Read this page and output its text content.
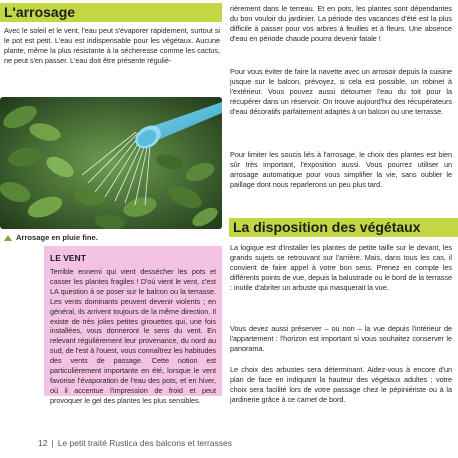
L'arrosage

Avec le soleil et le vent, l'eau peut s'évaporer rapidement, surtout si le pot est petit. L'eau est indispensable pour les végétaux. Aucune plante, même la plus résistante à la sécheresse comme les cactus, ne peut s'en passer. L'eau doit être présente réguliè-

Arrosage en pluie fine.

LE VENT

Terrible ennemi qui vient dessécher les pots et casser les plantes fragiles ! D'où vient le vent, c'est LA question à se poser sur le balcon ou la terrasse. Les vents dominants peuvent devenir violents ; en général, ils arrivent toujours de la même direction. Il existe de très jolies petites girouettes qui, une fois installées, vous donneront le sens du vent. En relevant régulièrement leur provenance, du nord au sud, de l'est à l'ouest, vous connaîtrez les habitudes des vents de passage. Cette notion est particulièrement importante en été, lorsque le vent favorise l'évaporation de l'eau des pots, et en hiver, où il accentue l'impression de froid et peut provoquer le gel des plantes les plus sensibles.

rièrement dans le terreau. Et en pots, les plantes sont dépendantes du bon vouloir du jardinier. La période des vacances d'été est la plus difficile à passer pour vos arbres à feuilles et à fleurs. Une absence d'eau en période chaude pourra devenir fatale !

Pour vous éviter de faire la navette avec un arrosoir depuis la cuisine jusque sur le balcon, prévoyez, si cela est possible, un robinet à l'extérieur. Vous pouvez aussi détourner l'eau du toit pour la récupérer dans un réservoir. On trouve aujourd'hui des récupérateurs d'eau décoratifs parfaitement adaptés à un balcon ou une terrasse.

Pour limiter les soucis liés à l'arrosage, le choix des plantes est bien sûr très important, l'exposition aussi. Vous pourrez utiliser un arrosage automatique pour vous simplifier la vie, sans oublier le paillage dont nous reparlerons un peu plus tard.

La disposition des végétaux

La logique est d'installer les plantes de petite taille sur le devant, les grands sujets se retrouvant sur l'arrière. Mais, dans tous les cas, il convient de faire appel à votre bon sens. Prenez en compte les différents points de vue, depuis la balustrade ou le bord de la terrasse : inutile d'abriter un arbuste qui masquerait la vue.

Vous devez aussi préserver – ou non – la vue depuis l'intérieur de l'appartement : l'horizon est important si vous souhaitez conserver le panorama.

Le choix des arbustes sera déterminant. Aidez-vous à encore d'un plan de face en indiquant la hauteur des végétaux adultes ; votre choix sera facilité lors de votre passage chez le pépiniériste ou à la jardinerie grâce à ce carnet de bord.

12 | Le petit traité Rustica des balcons et terrasses
